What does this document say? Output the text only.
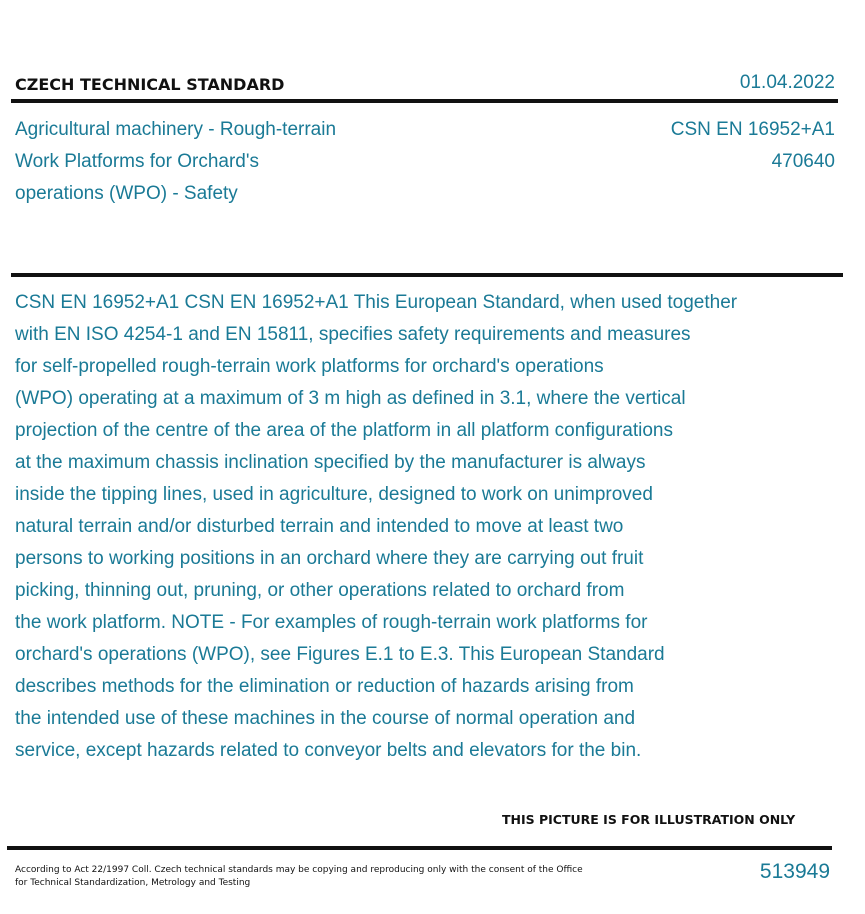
CZECH TECHNICAL STANDARD	01.04.2022
Agricultural machinery - Rough-terrain
Work Platforms for Orchard's
operations (WPO) - Safety
CSN EN 16952+A1
470640
CSN EN 16952+A1 CSN EN 16952+A1 This European Standard, when used together
with EN ISO 4254-1 and EN 15811, specifies safety requirements and measures
for self-propelled rough-terrain work platforms for orchard's operations
(WPO) operating at a maximum of 3 m high as defined in 3.1, where the vertical
projection of the centre of the area of the platform in all platform configurations
at the maximum chassis inclination specified by the manufacturer is always
inside the tipping lines, used in agriculture, designed to work on unimproved
natural terrain and/or disturbed terrain and intended to move at least two
persons to working positions in an orchard where they are carrying out fruit
picking, thinning out, pruning, or other operations related to orchard from
the work platform. NOTE - For examples of rough-terrain work platforms for
orchard's operations (WPO), see Figures E.1 to E.3. This European Standard
describes methods for the elimination or reduction of hazards arising from
the intended use of these machines in the course of normal operation and
service, except hazards related to conveyor belts and elevators for the bin.
THIS PICTURE IS FOR ILLUSTRATION ONLY
According to Act 22/1997 Coll. Czech technical standards may be copying and reproducing only with the consent of the Office
for Technical Standardization, Metrology and Testing	513949
